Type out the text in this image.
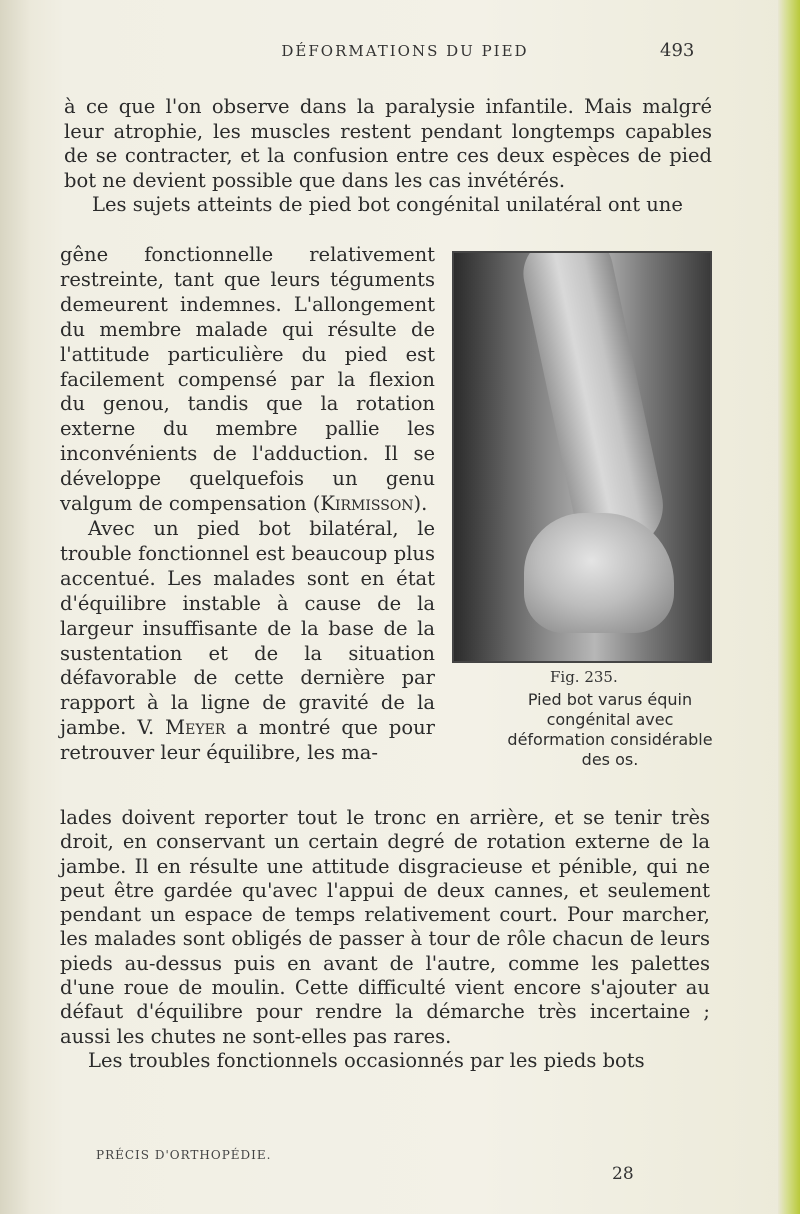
DÉFORMATIONS DU PIED	493

à ce que l'on observe dans la paralysie infantile. Mais malgré leur atrophie, les muscles restent pendant longtemps capables de se contracter, et la confusion entre ces deux espèces de pied bot ne devient possible que dans les cas invétérés.

Les sujets atteints de pied bot congénital unilatéral ont une

gêne fonctionnelle relativement restreinte, tant que leurs téguments demeurent indemnes. L'allongement du membre malade qui résulte de l'attitude particulière du pied est facilement compensé par la flexion du genou, tandis que la rotation externe du membre pallie les inconvénients de l'adduction. Il se développe quelquefois un genu valgum de compensation (Kirmisson).

Avec un pied bot bilatéral, le trouble fonctionnel est beaucoup plus accentué. Les malades sont en état d'équilibre instable à cause de la largeur insuffisante de la base de la sustentation et de la situation défavorable de cette dernière par rapport à la ligne de gravité de la jambe. V. Meyer a montré que pour retrouver leur équilibre, les ma-

Fig. 235.
Pied bot varus équin congénital avec déformation considérable des os.

lades doivent reporter tout le tronc en arrière, et se tenir très droit, en conservant un certain degré de rotation externe de la jambe. Il en résulte une attitude disgracieuse et pénible, qui ne peut être gardée qu'avec l'appui de deux cannes, et seulement pendant un espace de temps relativement court. Pour marcher, les malades sont obligés de passer à tour de rôle chacun de leurs pieds au-dessus puis en avant de l'autre, comme les palettes d'une roue de moulin. Cette difficulté vient encore s'ajouter au défaut d'équilibre pour rendre la démarche très incertaine ; aussi les chutes ne sont-elles pas rares.

Les troubles fonctionnels occasionnés par les pieds bots

PRÉCIS D'ORTHOPÉDIE.
28
